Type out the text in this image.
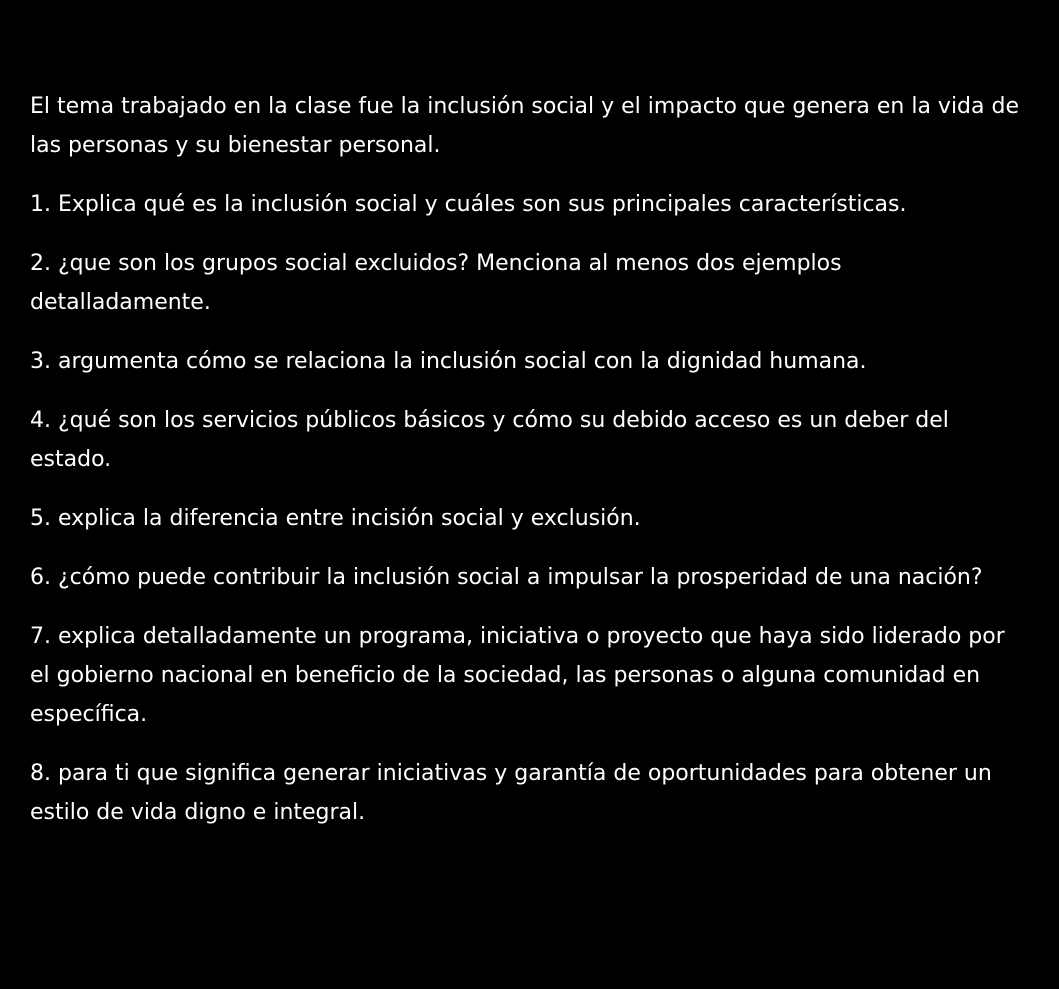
El tema trabajado en la clase fue la inclusión social y el impacto que genera en la vida de las personas y su bienestar personal.

1. Explica qué es la inclusión social y cuáles son sus principales características.

2. ¿que son los grupos social excluidos? Menciona al menos dos ejemplos detalladamente.

3. argumenta cómo se relaciona la inclusión social con la dignidad humana.

4. ¿qué son los servicios públicos básicos y cómo su debido acceso es un deber del estado.

5. explica la diferencia entre incisión social y exclusión.

6. ¿cómo puede contribuir la inclusión social a impulsar la prosperidad de una nación?

7. explica detalladamente un programa, iniciativa o proyecto que haya sido liderado por el gobierno nacional en beneficio de la sociedad, las personas o alguna comunidad en específica.

8. para ti que significa generar iniciativas y garantía de oportunidades para obtener un estilo de vida digno e integral.
